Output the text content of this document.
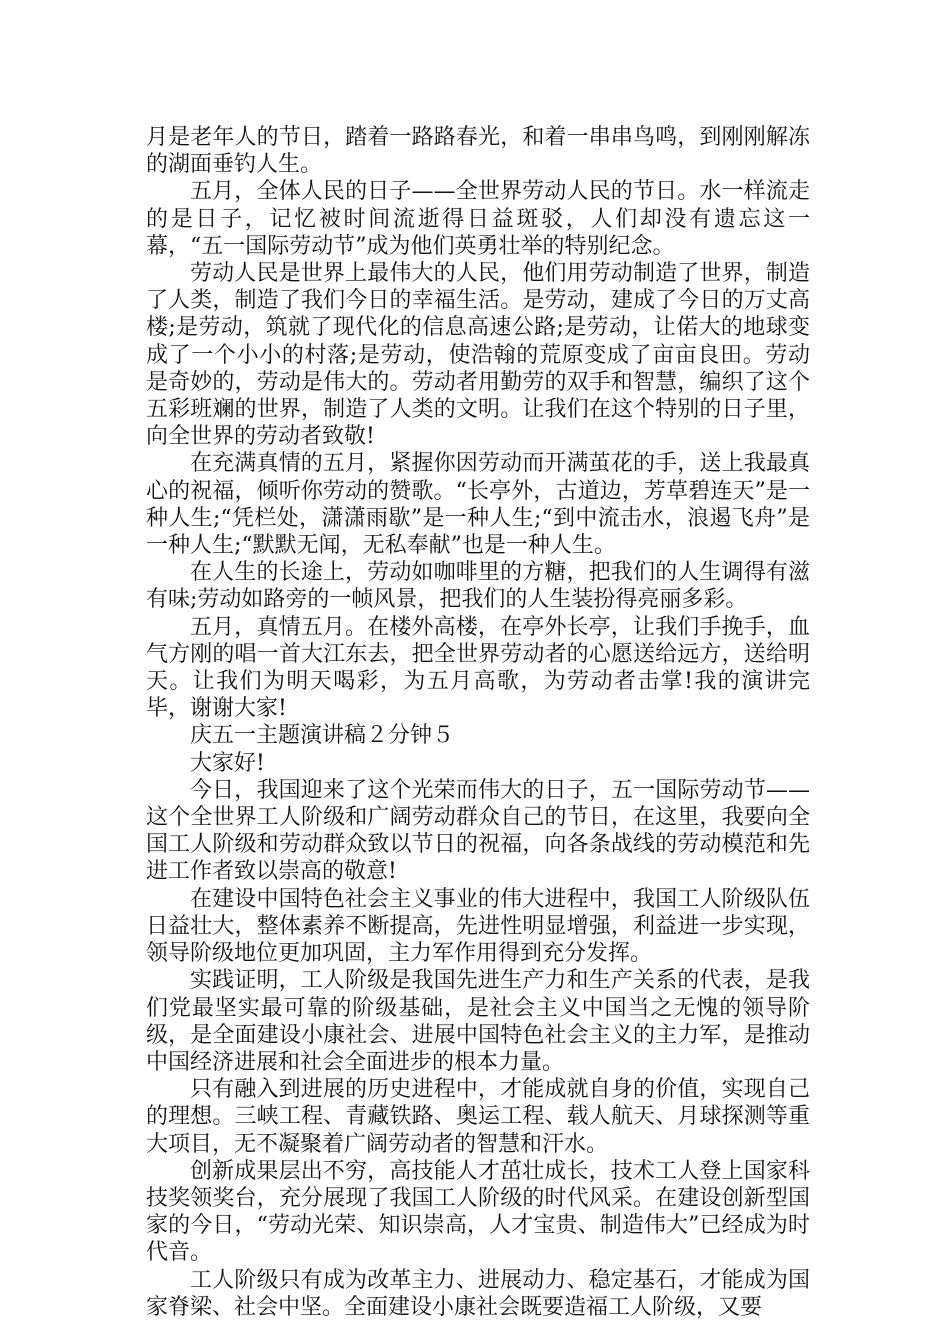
月是老年人的节日，踏着一路路春光，和着一串串鸟鸣，到刚刚解冻的湖面垂钓人生。

五月，全体人民的日子——全世界劳动人民的节日。水一样流走的是日子，记忆被时间流逝得日益斑驳，人们却没有遗忘这一幕，“五一国际劳动节”成为他们英勇壮举的特别纪念。

劳动人民是世界上最伟大的人民，他们用劳动制造了世界，制造了人类，制造了我们今日的幸福生活。是劳动，建成了今日的万丈高楼;是劳动，筑就了现代化的信息高速公路;是劳动，让偌大的地球变成了一个小小的村落;是劳动，使浩翰的荒原变成了亩亩良田。劳动是奇妙的，劳动是伟大的。劳动者用勤劳的双手和智慧，编织了这个五彩班斓的世界，制造了人类的文明。让我们在这个特别的日子里，向全世界的劳动者致敬!

在充满真情的五月，紧握你因劳动而开满茧花的手，送上我最真心的祝福，倾听你劳动的赞歌。“长亭外，古道边，芳草碧连天”是一种人生;“凭栏处，潇潇雨歇”是一种人生;“到中流击水，浪遏飞舟”是一种人生;“默默无闻，无私奉献”也是一种人生。

在人生的长途上，劳动如咖啡里的方糖，把我们的人生调得有滋有味;劳动如路旁的一帧风景，把我们的人生装扮得亮丽多彩。

五月，真情五月。在楼外高楼，在亭外长亭，让我们手挽手，血气方刚的唱一首大江东去，把全世界劳动者的心愿送给远方，送给明天。让我们为明天喝彩，为五月高歌，为劳动者击掌!我的演讲完毕，谢谢大家!

庆五一主题演讲稿２分钟５

大家好!

今日，我国迎来了这个光荣而伟大的日子，五一国际劳动节——这个全世界工人阶级和广阔劳动群众自己的节日，在这里，我要向全国工人阶级和劳动群众致以节日的祝福，向各条战线的劳动模范和先进工作者致以崇高的敬意!

在建设中国特色社会主义事业的伟大进程中，我国工人阶级队伍日益壮大，整体素养不断提高，先进性明显增强，利益进一步实现，领导阶级地位更加巩固，主力军作用得到充分发挥。

实践证明，工人阶级是我国先进生产力和生产关系的代表，是我们党最坚实最可靠的阶级基础，是社会主义中国当之无愧的领导阶级，是全面建设小康社会、进展中国特色社会主义的主力军，是推动中国经济进展和社会全面进步的根本力量。

只有融入到进展的历史进程中，才能成就自身的价值，实现自己的理想。三峡工程、青藏铁路、奥运工程、载人航天、月球探测等重大项目，无不凝聚着广阔劳动者的智慧和汗水。

创新成果层出不穷，高技能人才茁壮成长，技术工人登上国家科技奖领奖台，充分展现了我国工人阶级的时代风采。在建设创新型国家的今日，“劳动光荣、知识崇高，人才宝贵、制造伟大”已经成为时代音。

工人阶级只有成为改革主力、进展动力、稳定基石，才能成为国家脊梁、社会中坚。全面建设小康社会既要造福工人阶级，又要
